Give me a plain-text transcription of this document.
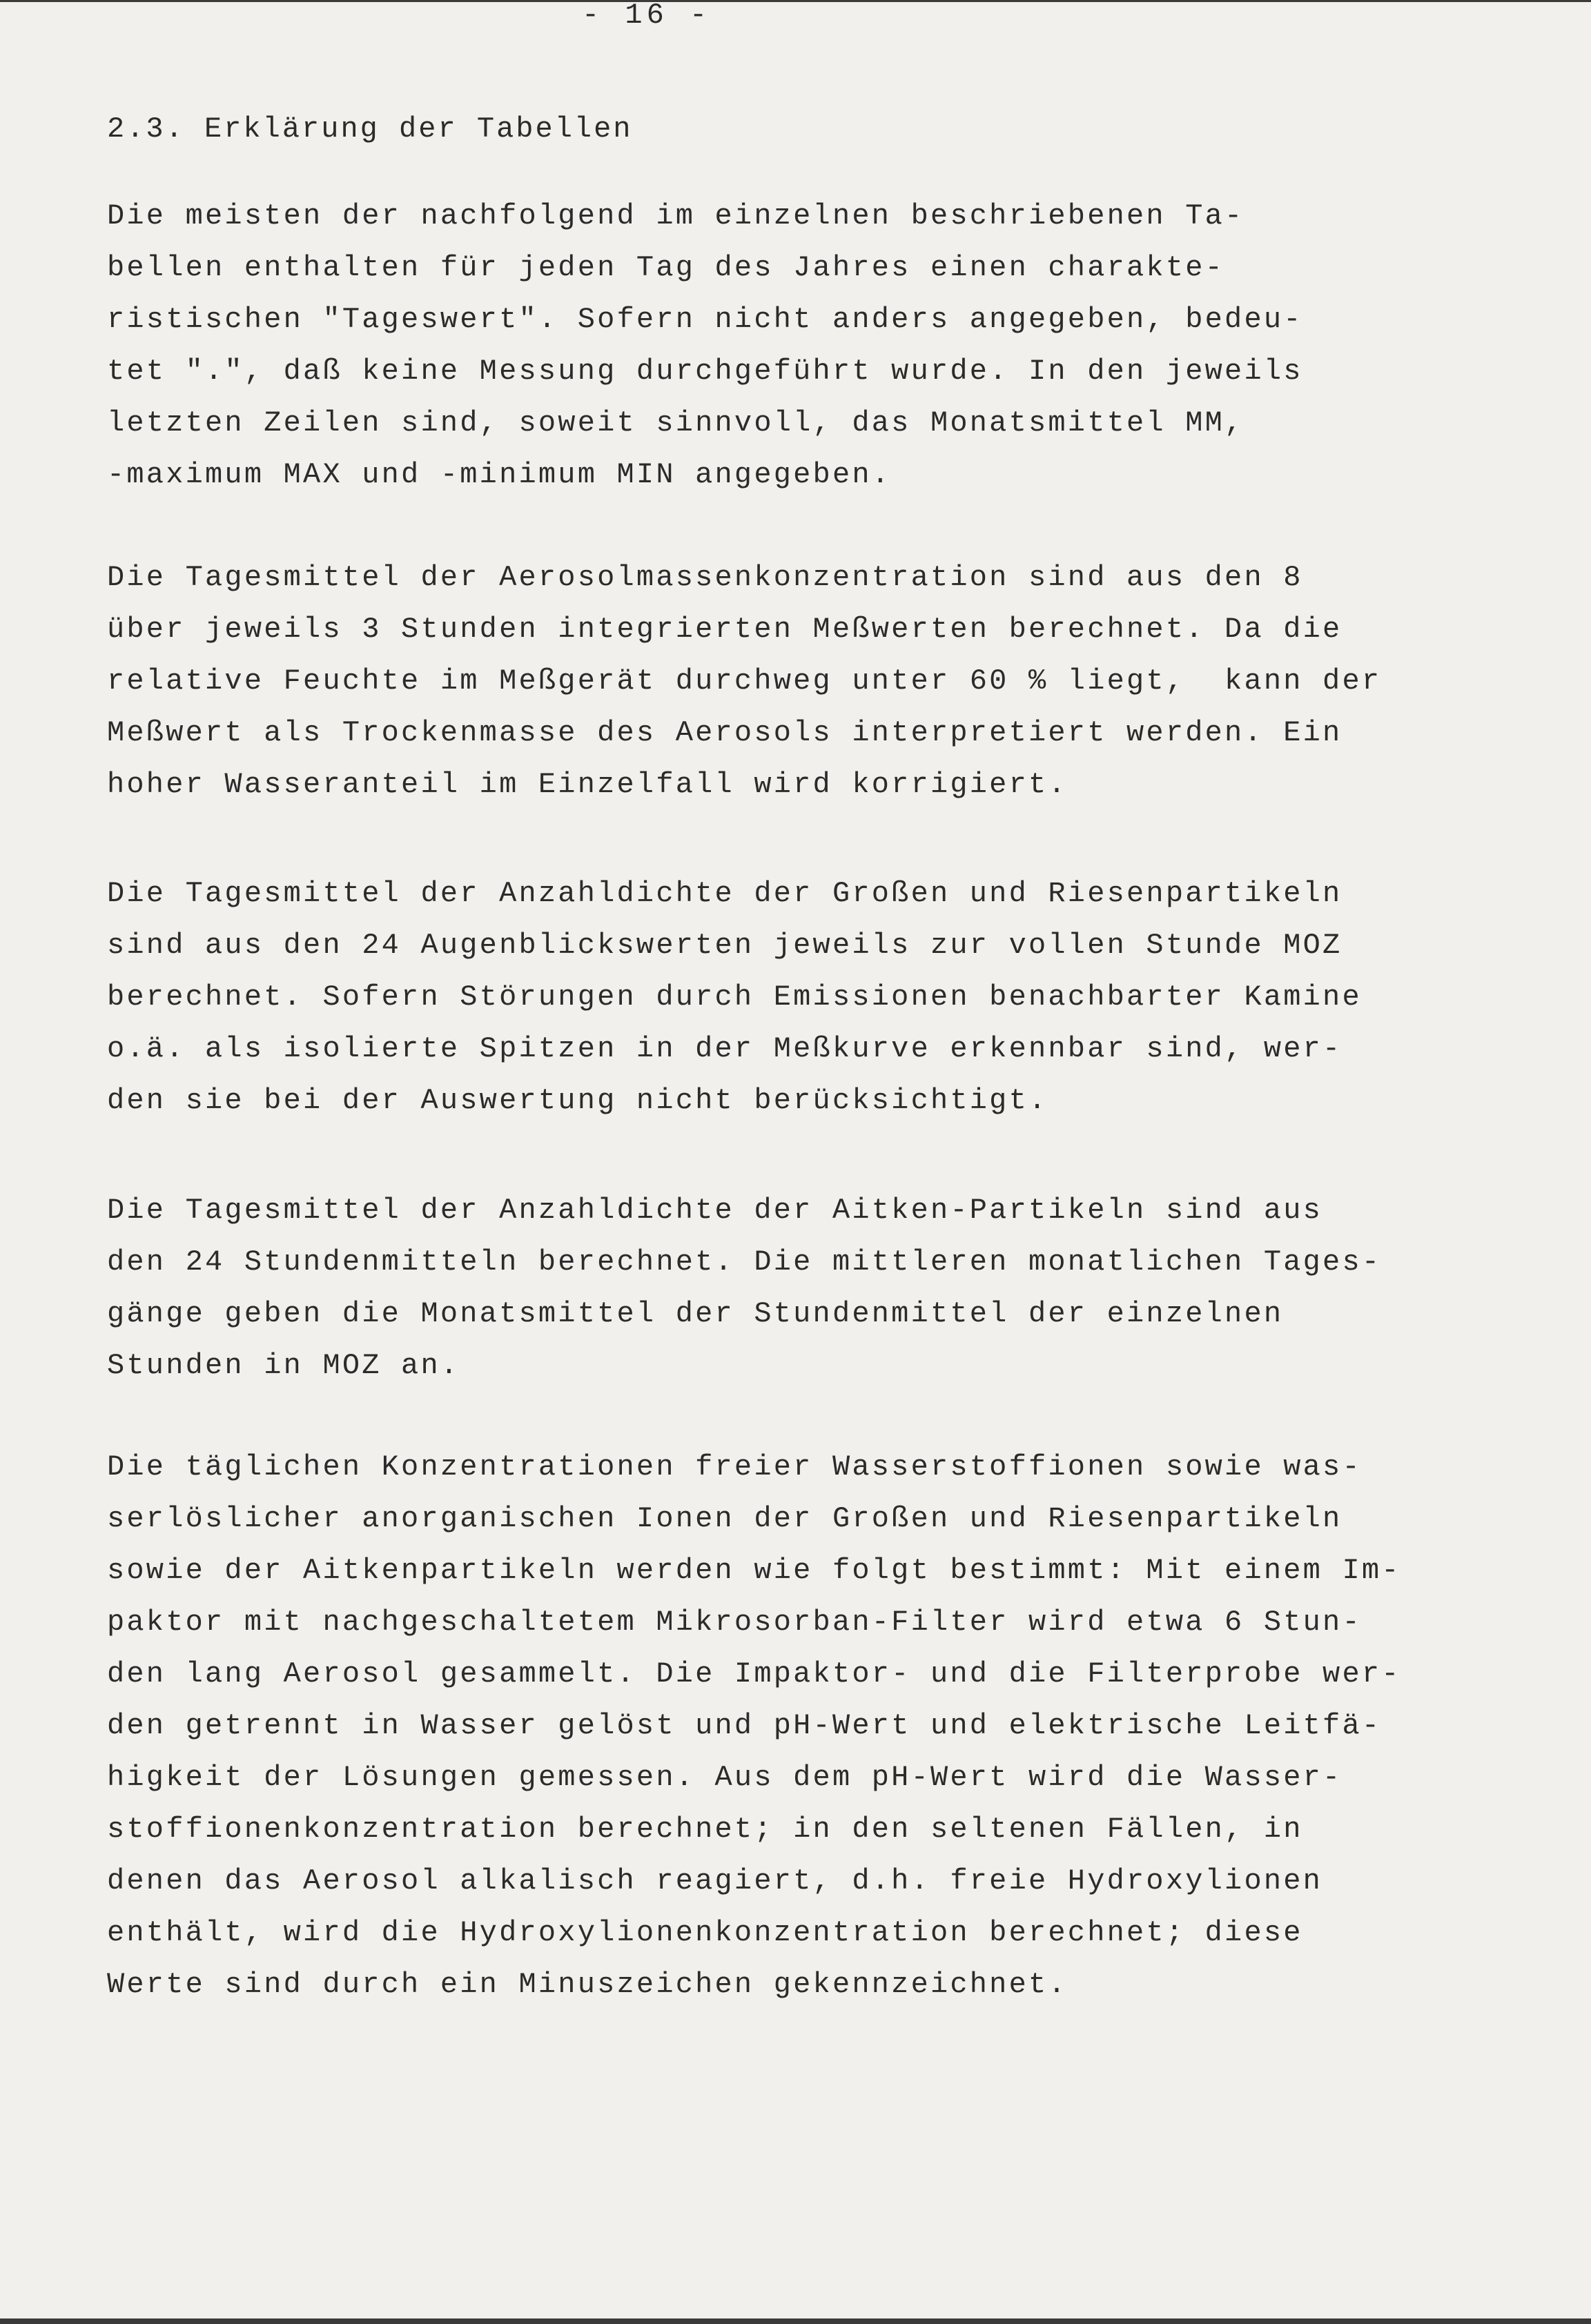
- 16 -
2.3. Erklärung der Tabellen
Die meisten der nachfolgend im einzelnen beschriebenen Ta-
bellen enthalten für jeden Tag des Jahres einen charakte-
ristischen "Tageswert". Sofern nicht anders angegeben, bedeu-
tet ".", daß keine Messung durchgeführt wurde. In den jeweils
letzten Zeilen sind, soweit sinnvoll, das Monatsmittel MM,
-maximum MAX und -minimum MIN angegeben.
Die Tagesmittel der Aerosolmassenkonzentration sind aus den 8
über jeweils 3 Stunden integrierten Meßwerten berechnet. Da die
relative Feuchte im Meßgerät durchweg unter 60 % liegt,  kann der
Meßwert als Trockenmasse des Aerosols interpretiert werden. Ein
hoher Wasseranteil im Einzelfall wird korrigiert.
Die Tagesmittel der Anzahldichte der Großen und Riesenpartikeln
sind aus den 24 Augenblickswerten jeweils zur vollen Stunde MOZ
berechnet. Sofern Störungen durch Emissionen benachbarter Kamine
o.ä. als isolierte Spitzen in der Meßkurve erkennbar sind, wer-
den sie bei der Auswertung nicht berücksichtigt.
Die Tagesmittel der Anzahldichte der Aitken-Partikeln sind aus
den 24 Stundenmitteln berechnet. Die mittleren monatlichen Tages-
gänge geben die Monatsmittel der Stundenmittel der einzelnen
Stunden in MOZ an.
Die täglichen Konzentrationen freier Wasserstoffionen sowie was-
serlöslicher anorganischen Ionen der Großen und Riesenpartikeln
sowie der Aitkenpartikeln werden wie folgt bestimmt: Mit einem Im-
paktor mit nachgeschaltetem Mikrosorban-Filter wird etwa 6 Stun-
den lang Aerosol gesammelt. Die Impaktor- und die Filterprobe wer-
den getrennt in Wasser gelöst und pH-Wert und elektrische Leitfä-
higkeit der Lösungen gemessen. Aus dem pH-Wert wird die Wasser-
stoffionenkonzentration berechnet; in den seltenen Fällen, in
denen das Aerosol alkalisch reagiert, d.h. freie Hydroxylionen
enthält, wird die Hydroxylionenkonzentration berechnet; diese
Werte sind durch ein Minuszeichen gekennzeichnet.
